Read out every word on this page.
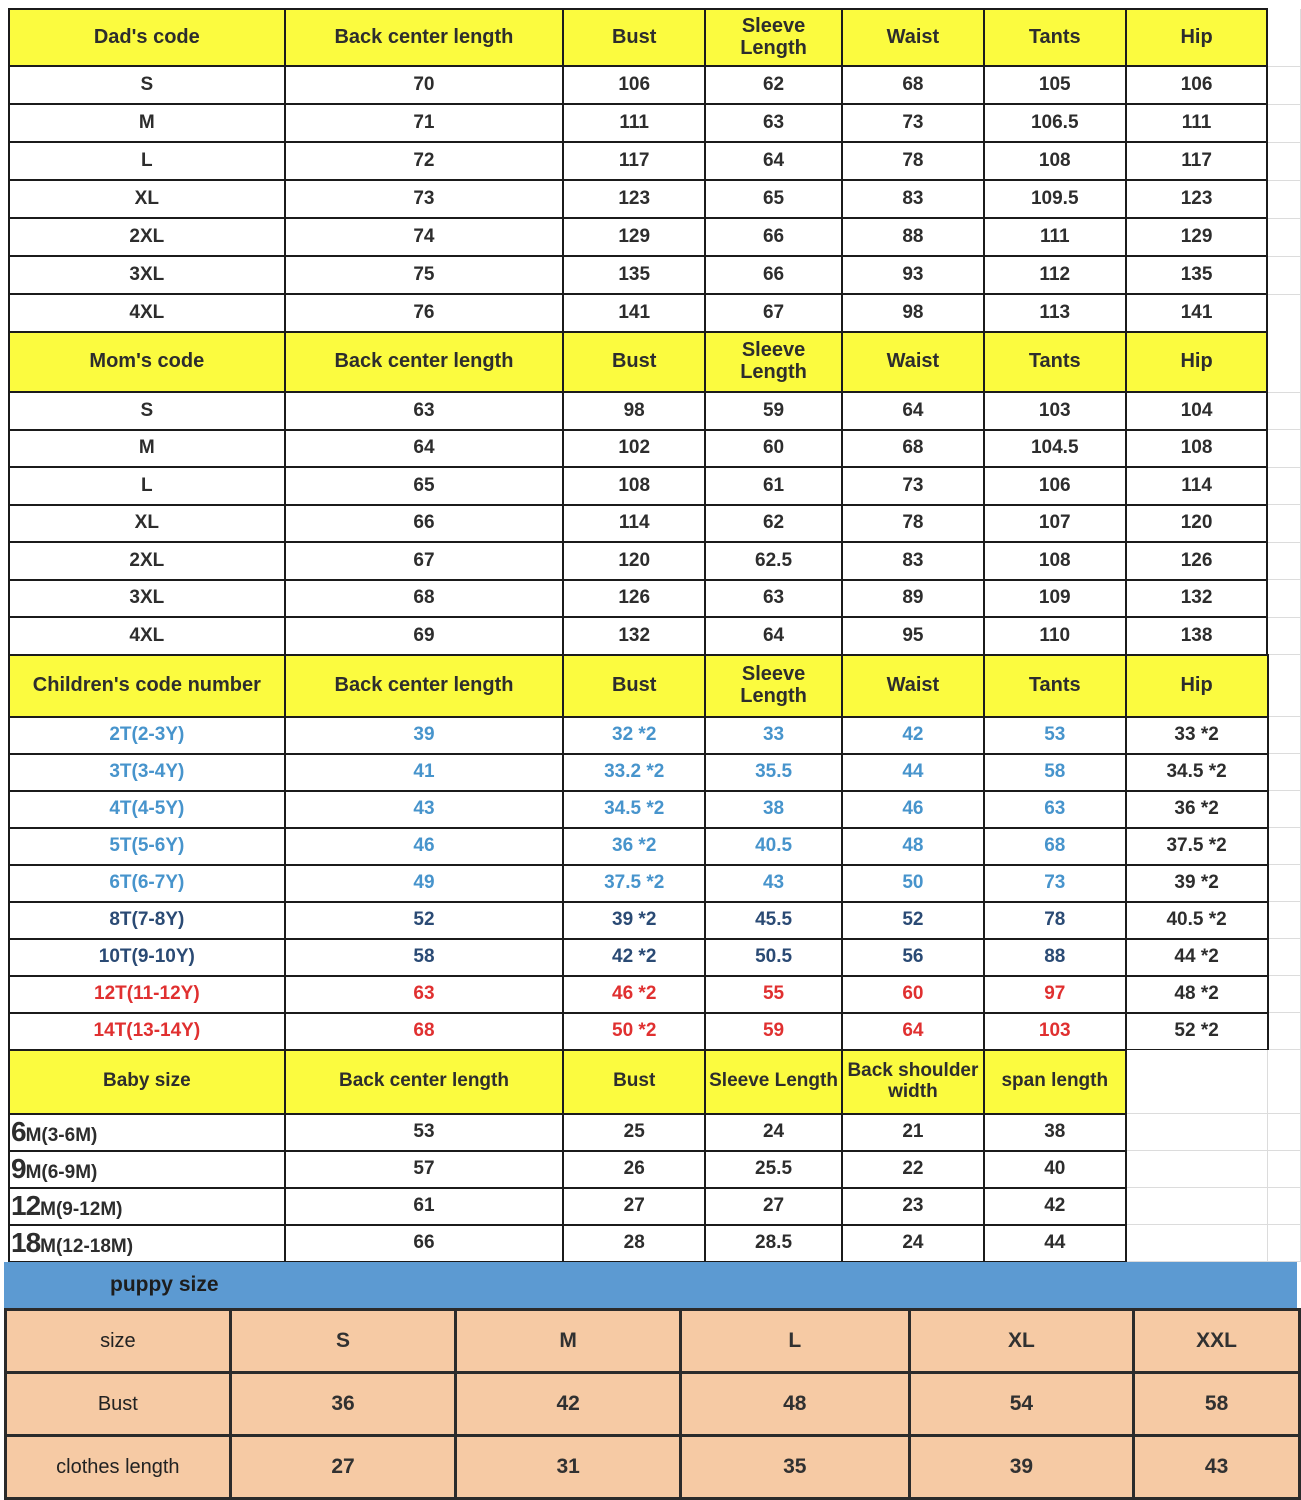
Dad's code	Back center length	Bust	Sleeve Length	Waist	Tants	Hip	
S	70	106	62	68	105	106	
M	71	111	63	73	106.5	111	
L	72	117	64	78	108	117	
XL	73	123	65	83	109.5	123	
2XL	74	129	66	88	111	129	
3XL	75	135	66	93	112	135	
4XL	76	141	67	98	113	141	
Mom's code	Back center length	Bust	Sleeve Length	Waist	Tants	Hip	
S	63	98	59	64	103	104	
M	64	102	60	68	104.5	108	
L	65	108	61	73	106	114	
XL	66	114	62	78	107	120	
2XL	67	120	62.5	83	108	126	
3XL	68	126	63	89	109	132	
4XL	69	132	64	95	110	138	
Children's code number	Back center length	Bust	Sleeve Length	Waist	Tants	Hip	
2T(2-3Y)	39	32 *2	33	42	53	33 *2	
3T(3-4Y)	41	33.2 *2	35.5	44	58	34.5 *2	
4T(4-5Y)	43	34.5 *2	38	46	63	36 *2	
5T(5-6Y)	46	36 *2	40.5	48	68	37.5 *2	
6T(6-7Y)	49	37.5 *2	43	50	73	39 *2	
8T(7-8Y)	52	39 *2	45.5	52	78	40.5 *2	
10T(9-10Y)	58	42 *2	50.5	56	88	44 *2	
12T(11-12Y)	63	46 *2	55	60	97	48 *2	
14T(13-14Y)	68	50 *2	59	64	103	52 *2	
Baby size	Back center length	Bust	Sleeve Length	Back shoulder width	span length		
6M(3-6M)	53	25	24	21	38		
9M(6-9M)	57	26	25.5	22	40		
12M(9-12M)	61	27	27	23	42		
18M(12-18M)	66	28	28.5	24	44		
puppy size
size	S	M	L	XL	XXL
Bust	36	42	48	54	58
clothes length	27	31	35	39	43
